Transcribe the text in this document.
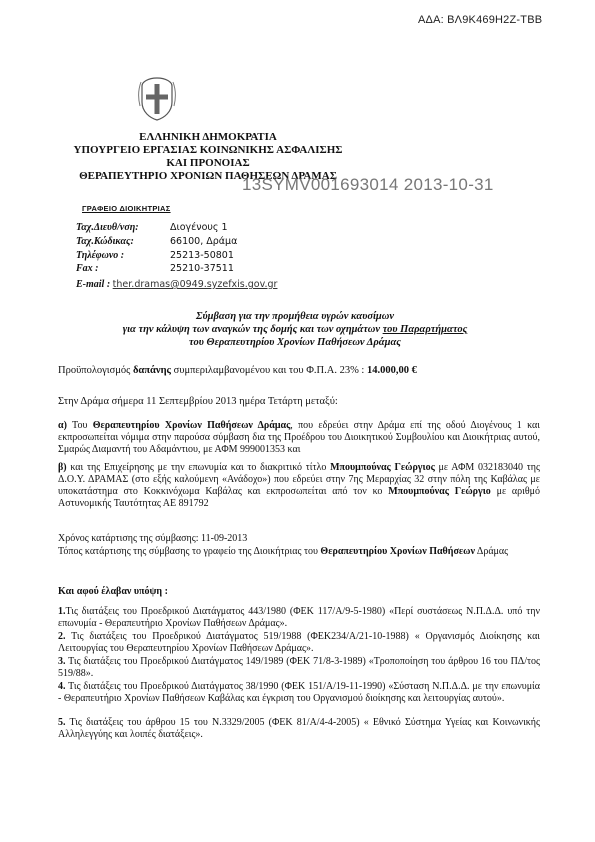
ΑΔΑ: ΒΛ9Κ469Η2Ζ-ΤΒΒ
ΕΛΛΗΝΙΚΗ ΔΗΜΟΚΡΑΤΙΑ
ΥΠΟΥΡΓΕΙΟ ΕΡΓΑΣΙΑΣ ΚΟΙΝΩΝΙΚΗΣ ΑΣΦΑΛΙΣΗΣ
ΚΑΙ ΠΡΟΝΟΙΑΣ
ΘΕΡΑΠΕΥΤΗΡΙΟ ΧΡΟΝΙΩΝ ΠΑΘΗΣΕΩΝ ΔΡΑΜΑΣ
13SYMV001693014 2013-10-31
ΓΡΑΦΕΙΟ ΔΙΟΙΚΗΤΡΙΑΣ
Ταχ.Διευθ/νση:	Διογένους 1
Ταχ.Κώδικας:	66100, Δράμα
Τηλέφωνο :	25213-50801
Fax :	25210-37511
E-mail : ther.dramas@0949.syzefxis.gov.gr
Σύμβαση για την προμήθεια υγρών καυσίμων
για την κάλυψη των αναγκών της δομής και των οχημάτων του Παραρτήματος
του Θεραπευτηρίου Χρονίων Παθήσεων Δράμας
Προϋπολογισμός δαπάνης συμπεριλαμβανομένου και του Φ.Π.Α. 23% : 14.000,00 €
Στην Δράμα σήμερα 11 Σεπτεμβρίου 2013 ημέρα Τετάρτη μεταξύ:
α) Του Θεραπευτηρίου Χρονίων Παθήσεων Δράμας, που εδρεύει στην Δράμα επί της οδού Διογένους 1 και εκπροσωπείται νόμιμα στην παρούσα σύμβαση δια της Προέδρου του Διοικητικού Συμβουλίου και Διοικήτριας αυτού, Σμαρώς Διαμαντή του Αδαμάντιου, με ΑΦΜ 999001353 και
β) και της Επιχείρησης με την επωνυμία και το διακριτικό τίτλο Μπουμπούνας Γεώργιος με ΑΦΜ 032183040 της Δ.Ο.Υ. ΔΡΑΜΑΣ (στο εξής καλούμενη «Ανάδοχο») που εδρεύει στην 7ης Μεραρχίας 32 στην πόλη της Καβάλας με υποκατάστημα στο Κοκκινόχωμα Καβάλας και εκπροσωπείται από τον κο Μπουμπούνας Γεώργιο με αριθμό Αστυνομικής Ταυτότητας ΑΕ 891792
Χρόνος κατάρτισης της σύμβασης: 11-09-2013
Τόπος κατάρτισης της σύμβασης το γραφείο της Διοικήτριας του Θεραπευτηρίου Χρονίων Παθήσεων Δράμας
Και αφού έλαβαν υπόψη :
1.Τις διατάξεις του Προεδρικού Διατάγματος 443/1980 (ΦΕΚ 117/Α/9-5-1980) «Περί συστάσεως Ν.Π.Δ.Δ. υπό την επωνυμία - Θεραπευτήριο Χρονίων Παθήσεων Δράμας».
2. Τις διατάξεις του Προεδρικού Διατάγματος 519/1988 (ΦΕΚ234/Α/21-10-1988) « Οργανισμός Διοίκησης και Λειτουργίας του Θεραπευτηρίου Χρονίων Παθήσεων Δράμας».
3. Τις διατάξεις του Προεδρικού Διατάγματος 149/1989 (ΦΕΚ 71/8-3-1989) «Τροποποίηση του άρθρου 16 του ΠΔ/τος 519/88».
4. Τις διατάξεις του Προεδρικού Διατάγματος 38/1990 (ΦΕΚ 151/Α/19-11-1990) «Σύσταση Ν.Π.Δ.Δ. με την επωνυμία - Θεραπευτήριο Χρονίων Παθήσεων Καβάλας και έγκριση του Οργανισμού διοίκησης και λειτουργίας αυτού».
5. Τις διατάξεις του άρθρου 15 του Ν.3329/2005 (ΦΕΚ 81/Α/4-4-2005) « Εθνικό Σύστημα Υγείας και Κοινωνικής Αλληλεγγύης και λοιπές διατάξεις».
